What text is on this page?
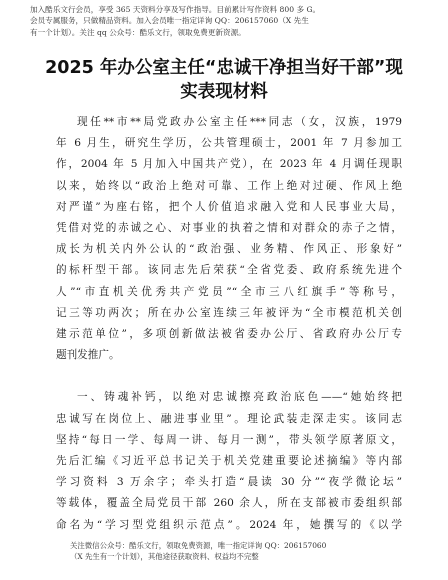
加入酷乐文行会员，享受 365 天资料分享及写作指导。目前累计写作资料 800 多 G。
会员专属服务，只做精品资料。加入会员唯一指定详询 QQ：206157060（X 先生
有一个计划）。关注 qq 公众号：酷乐文行，领取免费更新资源。
2025 年办公室主任“忠诚干净担当好干部”现
实表现材料
现任**市**局党政办公室主任***同志（女，汉族，1979
年 6 月生，研究生学历，公共管理硕士，2001 年 7 月参加工
作，2004 年 5 月加入中国共产党），在 2023 年 4 月调任现职
以来，始终以“政治上绝对可靠、工作上绝对过硬、作风上绝
对严谨”为座右铭，把个人价值追求融入党和人民事业大局，
凭借对党的赤诚之心、对事业的执着之情和对群众的赤子之情，
成长为机关内外公认的“政治强、业务精、作风正、形象好”
的标杆型干部。该同志先后荣获“全省党委、政府系统先进个
人”“市直机关优秀共产党员”“全市三八红旗手”等称号，
记三等功两次；所在办公室连续三年被评为“全市模范机关创
建示范单位”，多项创新做法被省委办公厅、省政府办公厅专
题刊发推广。
一、铸魂补钙，以绝对忠诚擦亮政治底色——“她始终把
忠诚写在岗位上、融进事业里”。理论武装走深走实。该同志
坚持“每日一学、每周一讲、每月一测”，带头领学原著原文，
先后汇编《习近平总书记关于机关党建重要论述摘编》等内部
学习资料 3 万余字；牵头打造“晨读 30 分”“夜学微论坛”
等载体，覆盖全局党员干部 260 余人，所在支部被市委组织部
命名为“学习型党组织示范点”。2024 年，她撰写的《以学
关注微信公众号：酷乐文行，领取免费资源，唯一指定详询 QQ：206157060
（X 先生有一个计划），其他途径获取资料、权益均不完整
